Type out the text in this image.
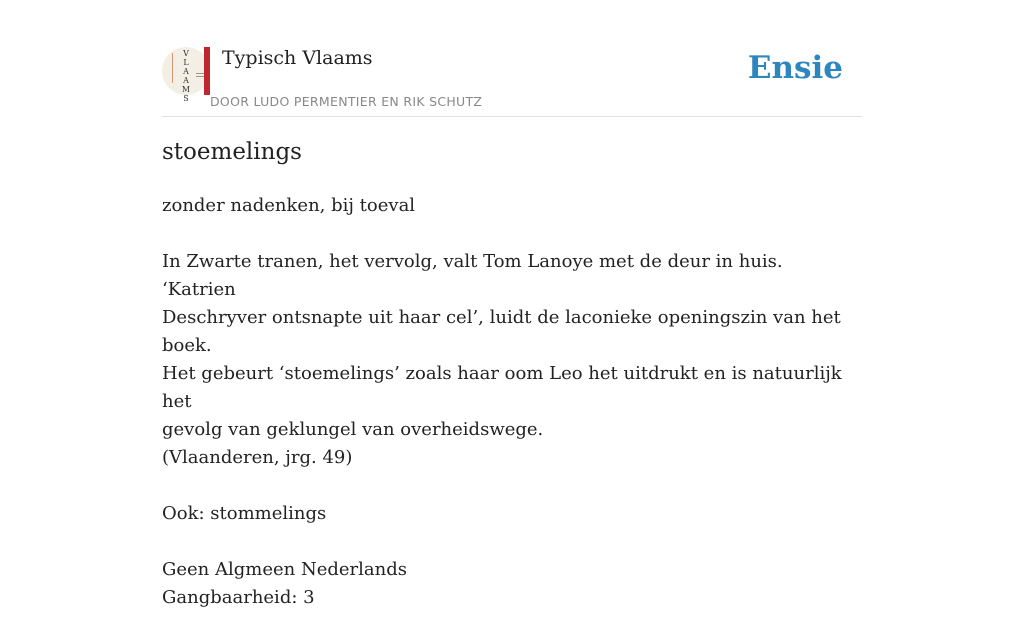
V
L
A
A
M
S
Typisch Vlaams
DOOR LUDO PERMENTIER EN RIK SCHUTZ
Ensie
stoemelings

zonder nadenken, bij toeval

In Zwarte tranen, het vervolg, valt Tom Lanoye met de deur in huis. ‘Katrien
Deschryver ontsnapte uit haar cel’, luidt de laconieke openingszin van het boek.
Het gebeurt ‘stoemelings’ zoals haar oom Leo het uitdrukt en is natuurlijk het
gevolg van geklungel van overheidswege.
(Vlaanderen, jrg. 49)

Ook: stommelings

Geen Algmeen Nederlands
Gangbaarheid: 3
